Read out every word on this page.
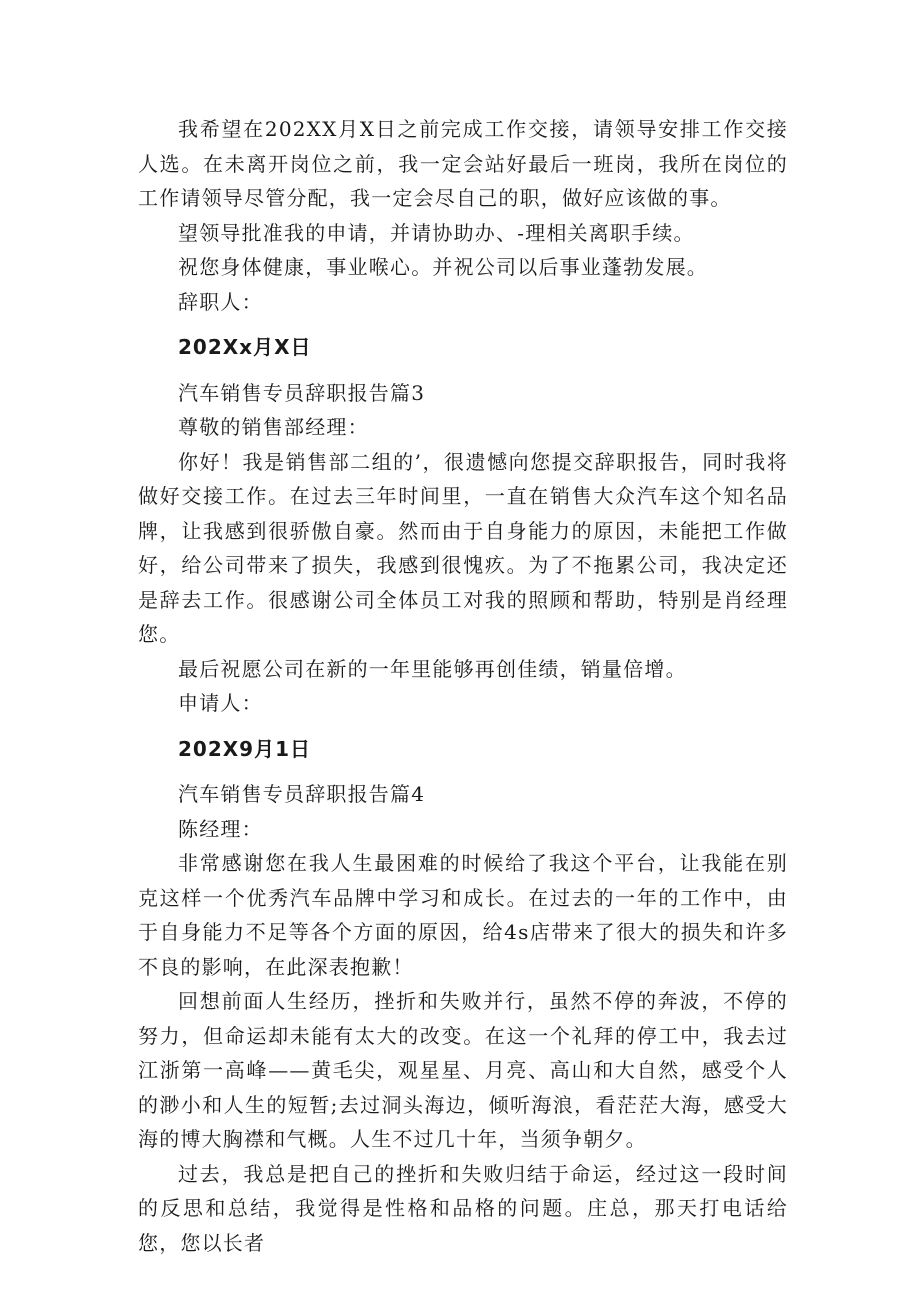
我希望在202XX月X日之前完成工作交接，请领导安排工作交接人选。在未离开岗位之前，我一定会站好最后一班岗，我所在岗位的工作请领导尽管分配，我一定会尽自己的职，做好应该做的事。

望领导批准我的申请，并请协助办、-理相关离职手续。

祝您身体健康，事业喉心。并祝公司以后事业蓬勃发展。

辞职人：

202Xx月X日

汽车销售专员辞职报告篇3

尊敬的销售部经理：

你好！我是销售部二组的’，很遗憾向您提交辞职报告，同时我将做好交接工作。在过去三年时间里，一直在销售大众汽车这个知名品牌，让我感到很骄傲自豪。然而由于自身能力的原因，未能把工作做好，给公司带来了损失，我感到很愧疚。为了不拖累公司，我决定还是辞去工作。很感谢公司全体员工对我的照顾和帮助，特别是肖经理您。

最后祝愿公司在新的一年里能够再创佳绩，销量倍增。

申请人：

202X9月1日

汽车销售专员辞职报告篇4

陈经理：

非常感谢您在我人生最困难的时候给了我这个平台，让我能在别克这样一个优秀汽车品牌中学习和成长。在过去的一年的工作中，由于自身能力不足等各个方面的原因，给4s店带来了很大的损失和许多不良的影响，在此深表抱歉！

回想前面人生经历，挫折和失败并行，虽然不停的奔波，不停的努力，但命运却未能有太大的改变。在这一个礼拜的停工中，我去过江浙第一高峰——黄毛尖，观星星、月亮、高山和大自然，感受个人的渺小和人生的短暂;去过洞头海边，倾听海浪，看茫茫大海，感受大海的博大胸襟和气概。人生不过几十年，当须争朝夕。

过去，我总是把自己的挫折和失败归结于命运，经过这一段时间的反思和总结，我觉得是性格和品格的问题。庄总，那天打电话给您，您以长者
